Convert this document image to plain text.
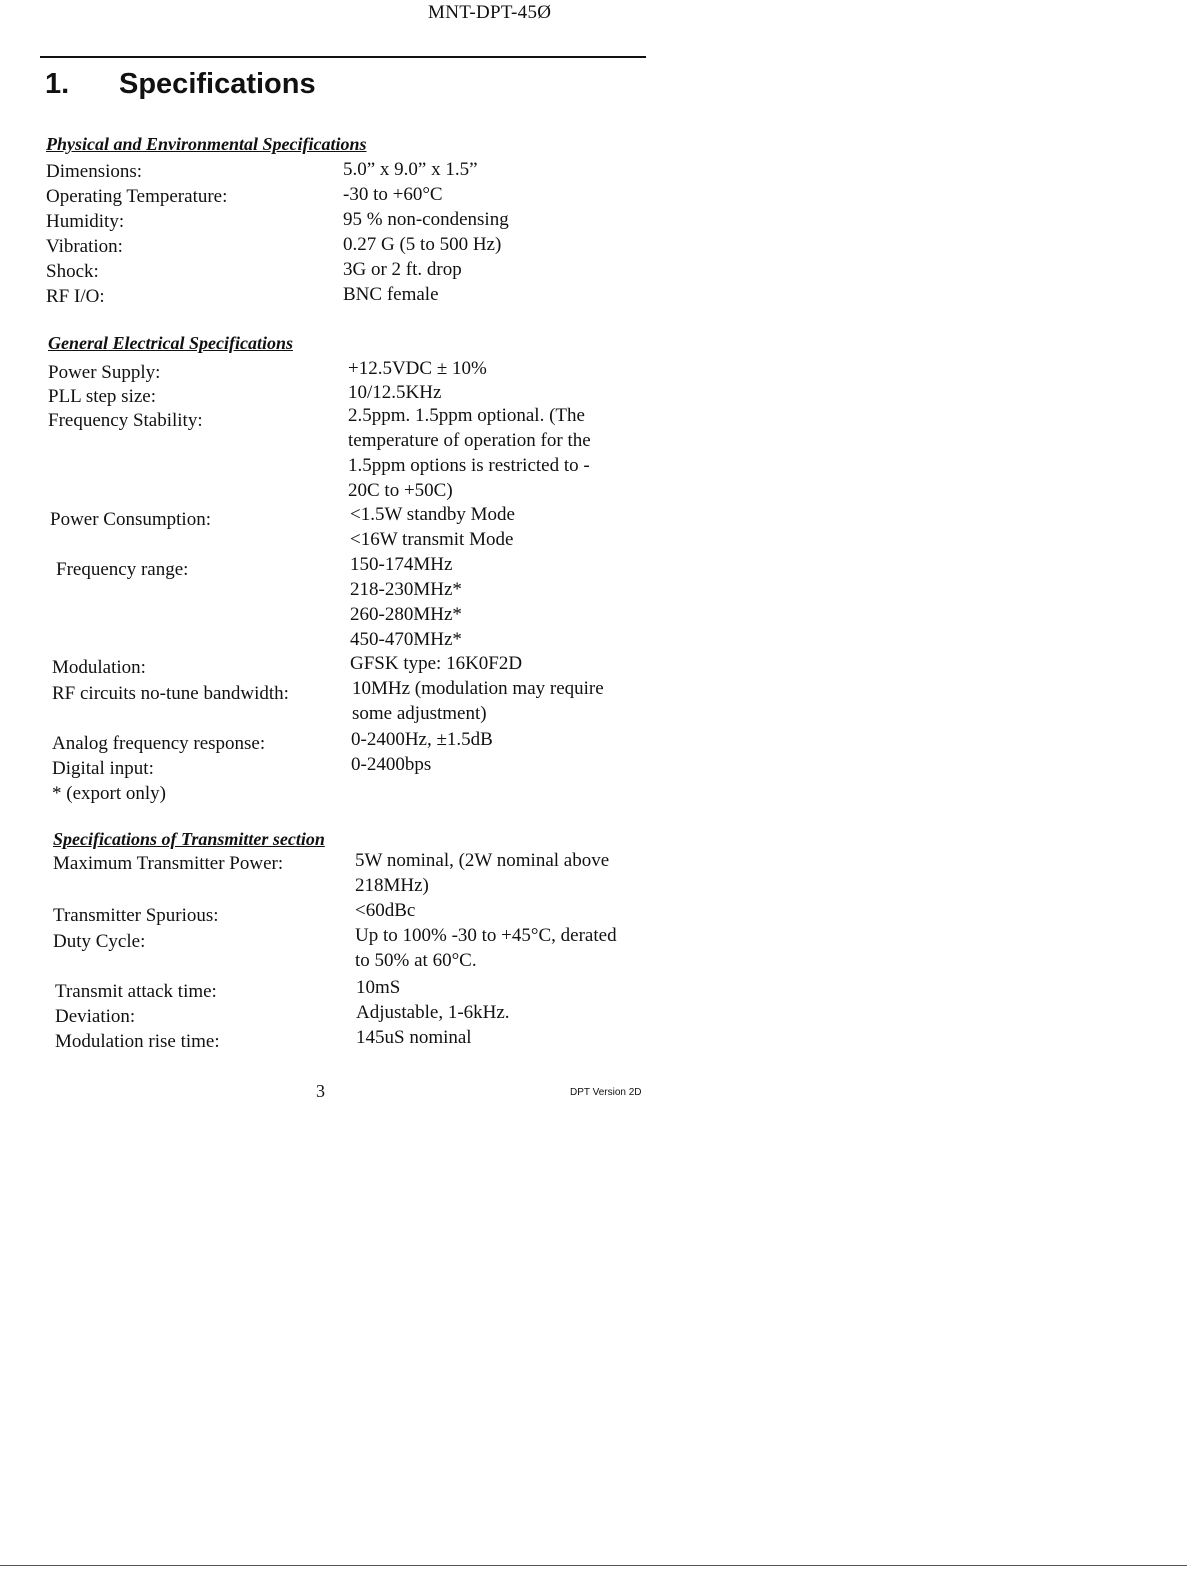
MNT-DPT-45Ø
1. Specifications
Physical and Environmental Specifications
Dimensions:	5.0” x 9.0” x 1.5”
Operating Temperature:	-30 to +60°C
Humidity:	95 % non-condensing
Vibration:	0.27 G (5 to 500 Hz)
Shock:	3G or 2 ft. drop
RF I/O:	BNC female
General Electrical Specifications
Power Supply:	+12.5VDC ± 10%
PLL step size:	10/12.5KHz
Frequency Stability:	2.5ppm. 1.5ppm optional. (The
temperature of operation for the
1.5ppm options is restricted to -
20C to +50C)
Power Consumption:	<1.5W standby Mode
<16W transmit Mode
Frequency range:	150-174MHz
218-230MHz*
260-280MHz*
450-470MHz*
Modulation:	GFSK type: 16K0F2D
RF circuits no-tune bandwidth:	10MHz (modulation may require
some adjustment)
Analog frequency response:	0-2400Hz, ±1.5dB
Digital input:	0-2400bps
* (export only)
Specifications of Transmitter section
Maximum Transmitter Power:	5W nominal, (2W nominal above
218MHz)
Transmitter Spurious:	<60dBc
Duty Cycle:	Up to 100% -30 to +45°C, derated
to 50% at 60°C.
Transmit attack time:	10mS
Deviation:	Adjustable, 1-6kHz.
Modulation rise time:	145uS nominal
3	DPT Version 2D
